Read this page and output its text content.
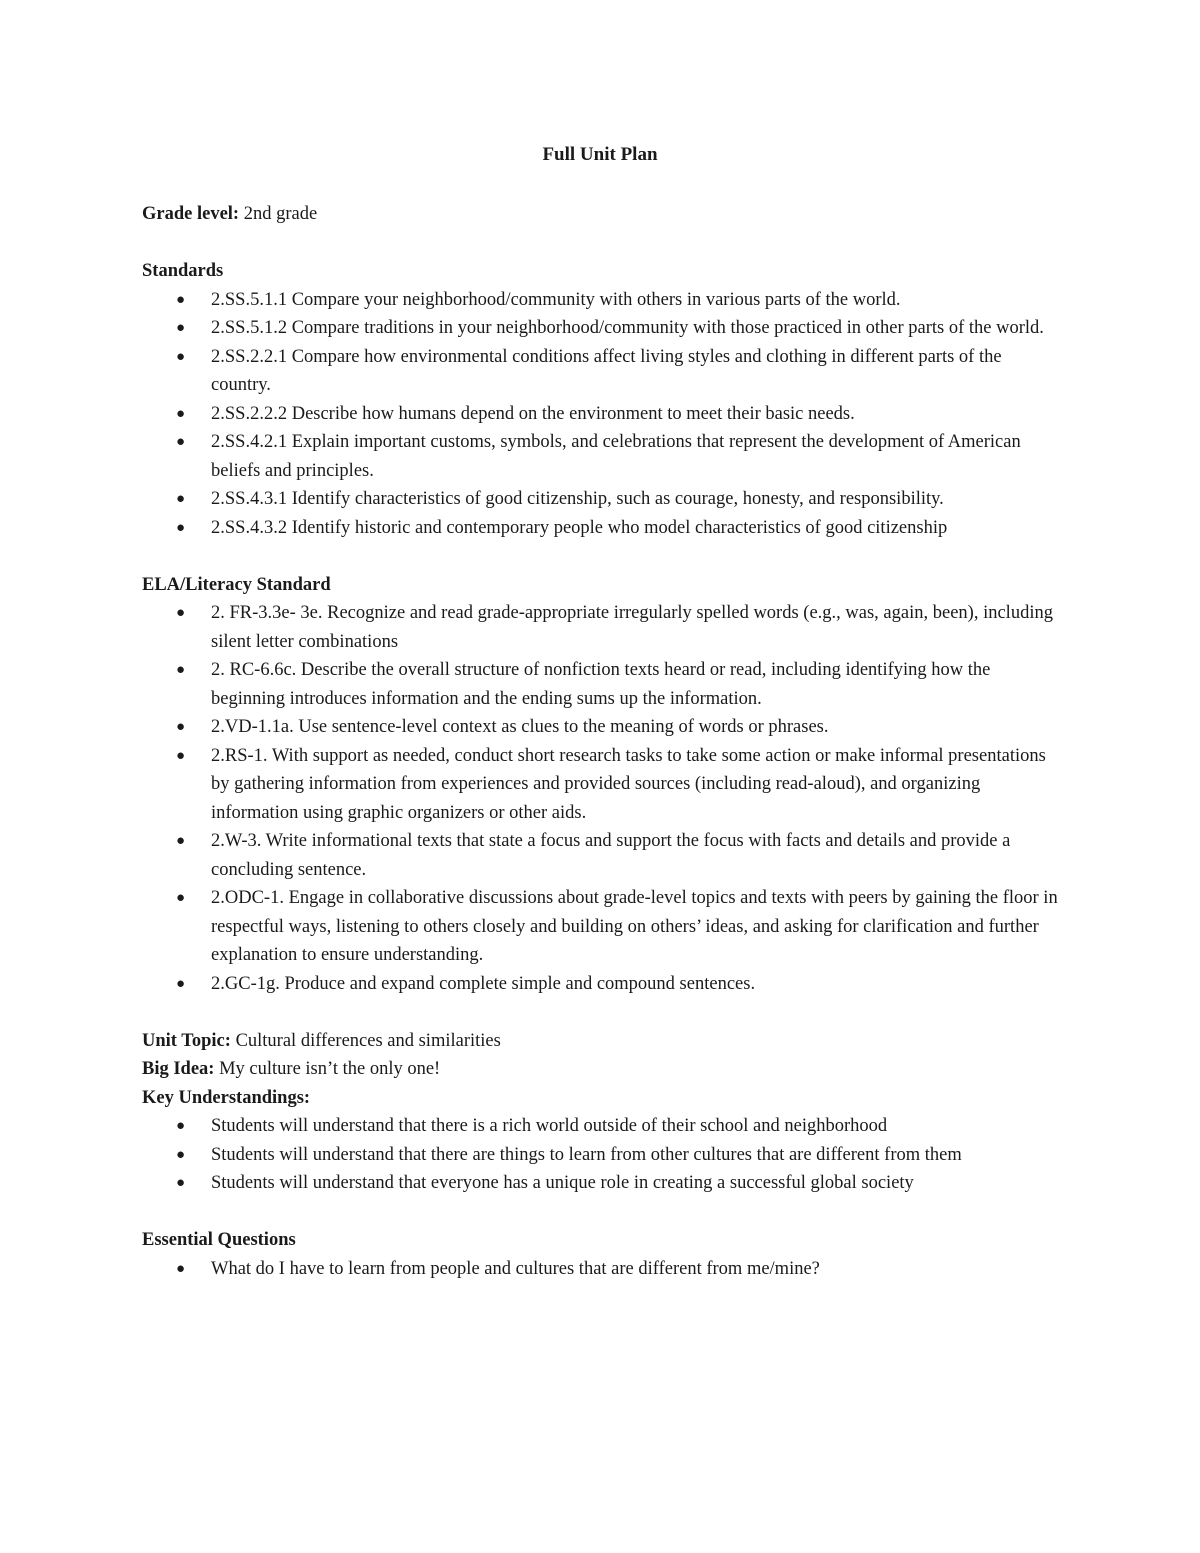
Full Unit Plan

Grade level: 2nd grade

Standards

● 2.SS.5.1.1 Compare your neighborhood/community with others in various parts of the world.
● 2.SS.5.1.2 Compare traditions in your neighborhood/community with those practiced in other parts of the world.
● 2.SS.2.2.1 Compare how environmental conditions affect living styles and clothing in different parts of the country.
● 2.SS.2.2.2 Describe how humans depend on the environment to meet their basic needs.
● 2.SS.4.2.1 Explain important customs, symbols, and celebrations that represent the development of American beliefs and principles.
● 2.SS.4.3.1 Identify characteristics of good citizenship, such as courage, honesty, and responsibility.
● 2.SS.4.3.2 Identify historic and contemporary people who model characteristics of good citizenship

ELA/Literacy Standard

● 2. FR-3.3e- 3e. Recognize and read grade-appropriate irregularly spelled words (e.g., was, again, been), including silent letter combinations
● 2. RC-6.6c. Describe the overall structure of nonfiction texts heard or read, including identifying how the beginning introduces information and the ending sums up the information.
● 2.VD-1.1a. Use sentence-level context as clues to the meaning of words or phrases.
● 2.RS-1. With support as needed, conduct short research tasks to take some action or make informal presentations by gathering information from experiences and provided sources (including read-aloud), and organizing information using graphic organizers or other aids.
● 2.W-3. Write informational texts that state a focus and support the focus with facts and details and provide a concluding sentence.
● 2.ODC-1. Engage in collaborative discussions about grade-level topics and texts with peers by gaining the floor in respectful ways, listening to others closely and building on others’ ideas, and asking for clarification and further explanation to ensure understanding.
● 2.GC-1g. Produce and expand complete simple and compound sentences.

Unit Topic: Cultural differences and similarities

Big Idea: My culture isn’t the only one!

Key Understandings:

● Students will understand that there is a rich world outside of their school and neighborhood
● Students will understand that there are things to learn from other cultures that are different from them
● Students will understand that everyone has a unique role in creating a successful global society

Essential Questions

● What do I have to learn from people and cultures that are different from me/mine?
